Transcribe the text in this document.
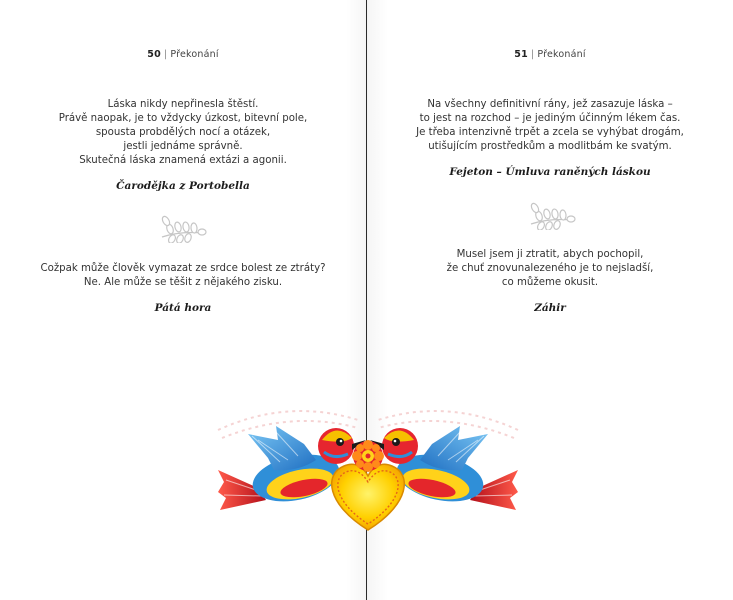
50 | Překonání
Láska nikdy nepřinesla štěstí.
Právě naopak, je to vždycky úzkost, bitevní pole,
spousta probdělých nocí a otázek,
jestli jednáme správně.
Skutečná láska znamená extázi a agonii.
Čarodějka z Portobella
Cožpak může člověk vymazat ze srdce bolest ze ztráty?
Ne. Ale může se těšit z nějakého zisku.
Pátá hora
51 | Překonání
Na všechny definitivní rány, jež zasazuje láska –
to jest na rozchod – je jediným účinným lékem čas.
Je třeba intenzivně trpět a zcela se vyhýbat drogám,
utišujícím prostředkům a modlitbám ke svatým.
Fejeton – Úmluva raněných láskou
Musel jsem ji ztratit, abych pochopil,
že chuť znovunalezeného je to nejsladší,
co můžeme okusit.
Záhir
